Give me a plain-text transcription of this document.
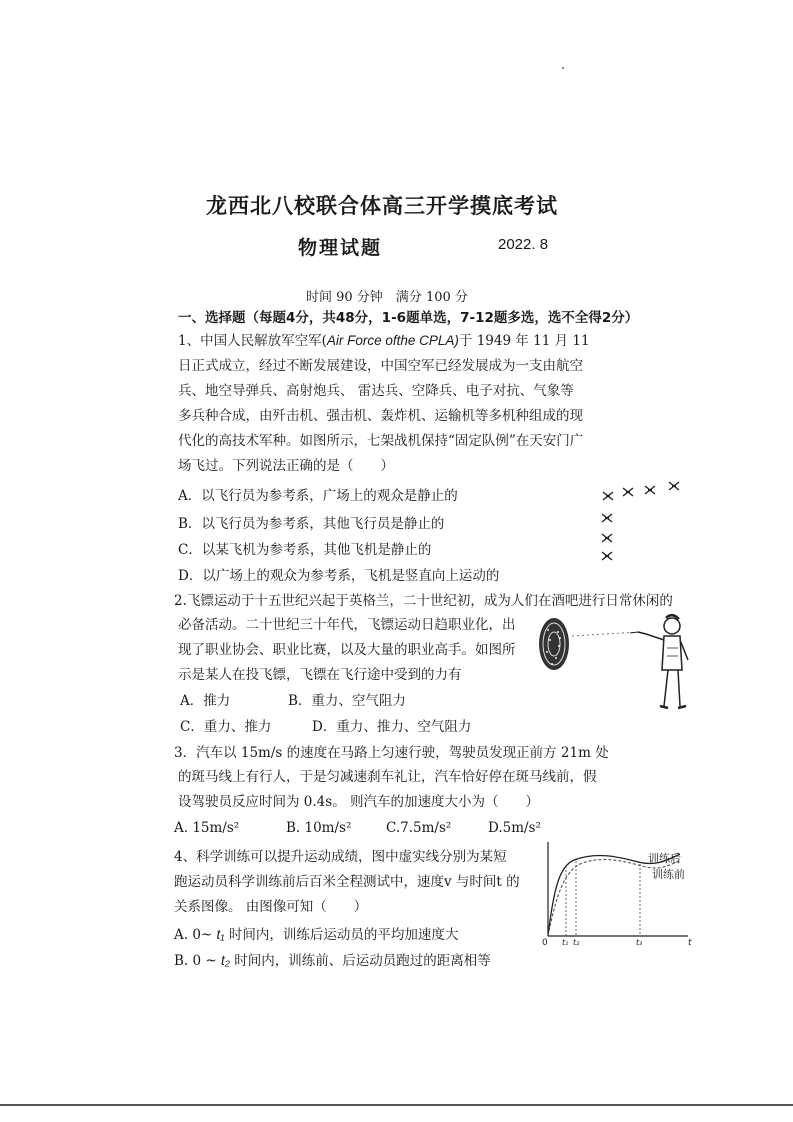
龙西北八校联合体高三开学摸底考试
物理试题	2022. 8
时间 90 分钟　满分 100 分
一、选择题（每题4分，共48分，1-6题单选，7-12题多选，选不全得2分）
1、中国人民解放军空军(Air Force ofthe CPLA)于 1949 年 11 月 11
日正式成立，经过不断发展建设，中国空军已经发展成为一支由航空
兵、地空导弹兵、高射炮兵、 雷达兵、空降兵、电子对抗、气象等
多兵种合成，由歼击机、强击机、轰炸机、运输机等多机种组成的现
代化的高技术军种。如图所示，七架战机保持“固定队例”在天安门广
场飞过。下列说法正确的是（　　）
A．以飞行员为参考系，广场上的观众是静止的
B．以飞行员为参考系，其他飞行员是静止的
C．以某飞机为参考系，其他飞机是静止的
D．以广场上的观众为参考系，飞机是竖直向上运动的
2.飞镖运动于十五世纪兴起于英格兰，二十世纪初，成为人们在酒吧进行日常休闲的
必备活动。二十世纪三十年代，飞镖运动日趋职业化，出
现了职业协会、职业比赛，以及大量的职业高手。如图所
示是某人在投飞镖，飞镖在飞行途中受到的力有
A．推力	B．重力、空气阻力
C．重力、推力	D．重力、推力、空气阻力
3．汽车以 15m/s 的速度在马路上匀速行驶，驾驶员发现正前方 21m 处
的斑马线上有行人，于是匀减速刹车礼让，汽车恰好停在斑马线前，假
设驾驶员反应时间为 0.4s。 则汽车的加速度大小为（　　）
A. 15m/s²	B. 10m/s²	C.7.5m/s²	D.5m/s²
4、科学训练可以提升运动成绩，图中虚实线分别为某短
跑运动员科学训练前后百米全程测试中，速度v 与时间t 的
关系图像。 由图像可知（　　）
A. 0~ t₁ 时间内，训练后运动员的平均加速度大
B. 0 ~ t₂ 时间内，训练前、后运动员跑过的距离相等
训练后
训练前
0 t₁ t₂	t₃	t
